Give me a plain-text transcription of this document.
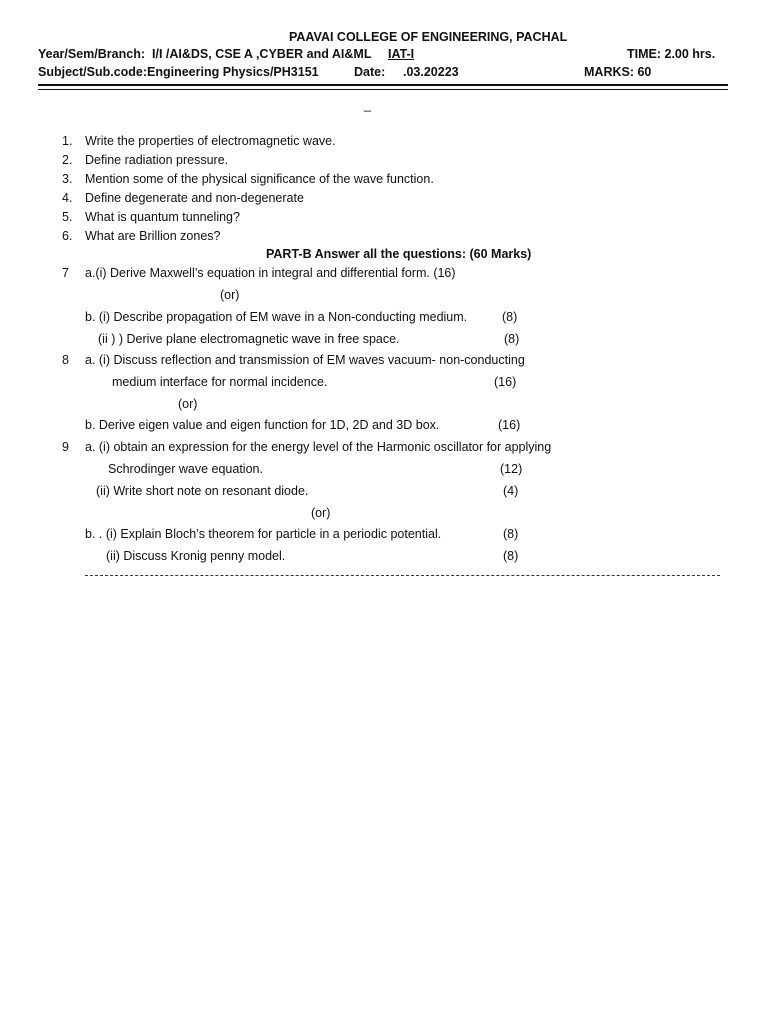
PAAVAI COLLEGE OF ENGINEERING, PACHAL
Year/Sem/Branch: I/I /AI&DS, CSE A ,CYBER and AI&ML IAT-I	TIME: 2.00 hrs.
Subject/Sub.code: Engineering Physics/PH3151	Date: .03.20223	MARKS: 60
_
1. Write the properties of electromagnetic wave.
2. Define radiation pressure.
3. Mention some of the physical significance of the wave function.
4. Define degenerate and non-degenerate
5. What is quantum tunneling?
6. What are Brillion zones?
PART-B Answer all the questions: (60 Marks)
7 a.(i) Derive Maxwell’s equation in integral and differential form. (16)
(or)
b. (i) Describe propagation of EM wave in a Non-conducting medium.	(8)
(ii ) ) Derive plane electromagnetic wave in free space.	(8)
8 a. (i) Discuss reflection and transmission of EM waves vacuum- non-conducting
medium interface for normal incidence.	(16)
(or)
b. Derive eigen value and eigen function for 1D, 2D and 3D box.	(16)
9 a. (i) obtain an expression for the energy level of the Harmonic oscillator for applying
Schrodinger wave equation.	(12)
(ii) Write short note on resonant diode.	(4)
(or)
b. . (i) Explain Bloch’s theorem for particle in a periodic potential.	(8)
(ii) Discuss Kronig penny model.	(8)
